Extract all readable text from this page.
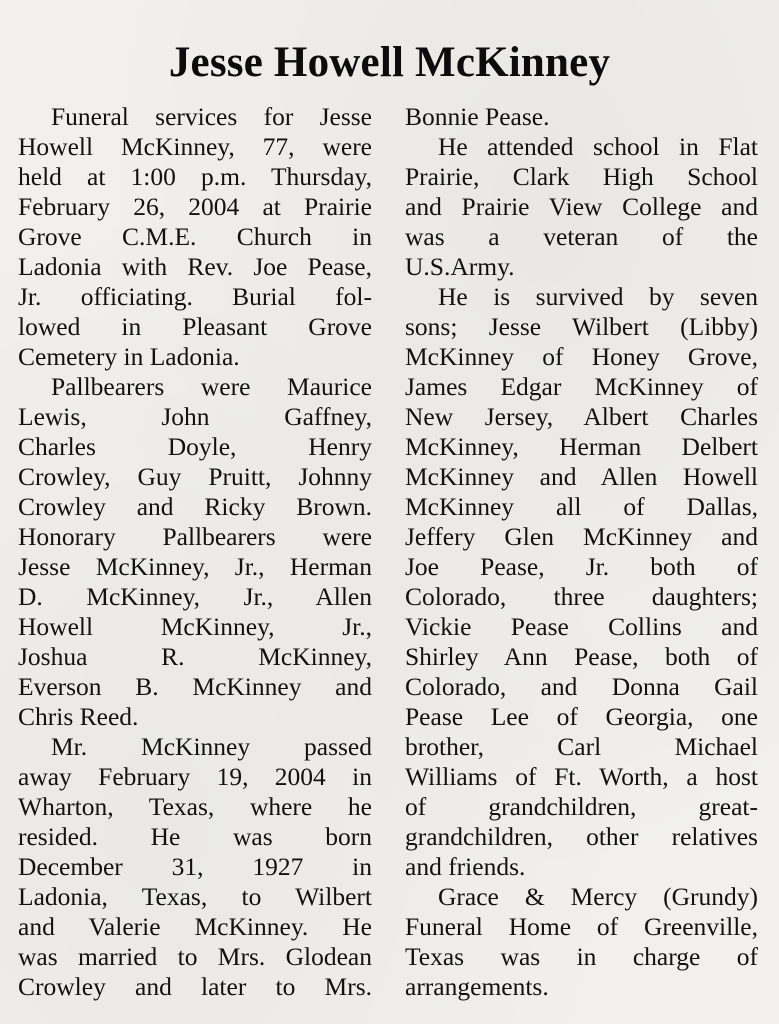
Jesse Howell McKinney
Funeral services for Jesse
Howell McKinney, 77, were
held at 1:00 p.m. Thursday,
February 26, 2004 at Prairie
Grove C.M.E. Church in
Ladonia with Rev. Joe Pease,
Jr. officiating. Burial fol-
lowed in Pleasant Grove
Cemetery in Ladonia.
Pallbearers were Maurice
Lewis, John Gaffney,
Charles Doyle, Henry
Crowley, Guy Pruitt, Johnny
Crowley and Ricky Brown.
Honorary Pallbearers were
Jesse McKinney, Jr., Herman
D. McKinney, Jr., Allen
Howell McKinney, Jr.,
Joshua R. McKinney,
Everson B. McKinney and
Chris Reed.
Mr. McKinney passed
away February 19, 2004 in
Wharton, Texas, where he
resided. He was born
December 31, 1927 in
Ladonia, Texas, to Wilbert
and Valerie McKinney. He
was married to Mrs. Glodean
Crowley and later to Mrs.
Bonnie Pease.
He attended school in Flat
Prairie, Clark High School
and Prairie View College and
was a veteran of the
U.S.Army.
He is survived by seven
sons; Jesse Wilbert (Libby)
McKinney of Honey Grove,
James Edgar McKinney of
New Jersey, Albert Charles
McKinney, Herman Delbert
McKinney and Allen Howell
McKinney all of Dallas,
Jeffery Glen McKinney and
Joe Pease, Jr. both of
Colorado, three daughters;
Vickie Pease Collins and
Shirley Ann Pease, both of
Colorado, and Donna Gail
Pease Lee of Georgia, one
brother, Carl Michael
Williams of Ft. Worth, a host
of grandchildren, great-
grandchildren, other relatives
and friends.
Grace & Mercy (Grundy)
Funeral Home of Greenville,
Texas was in charge of
arrangements.
